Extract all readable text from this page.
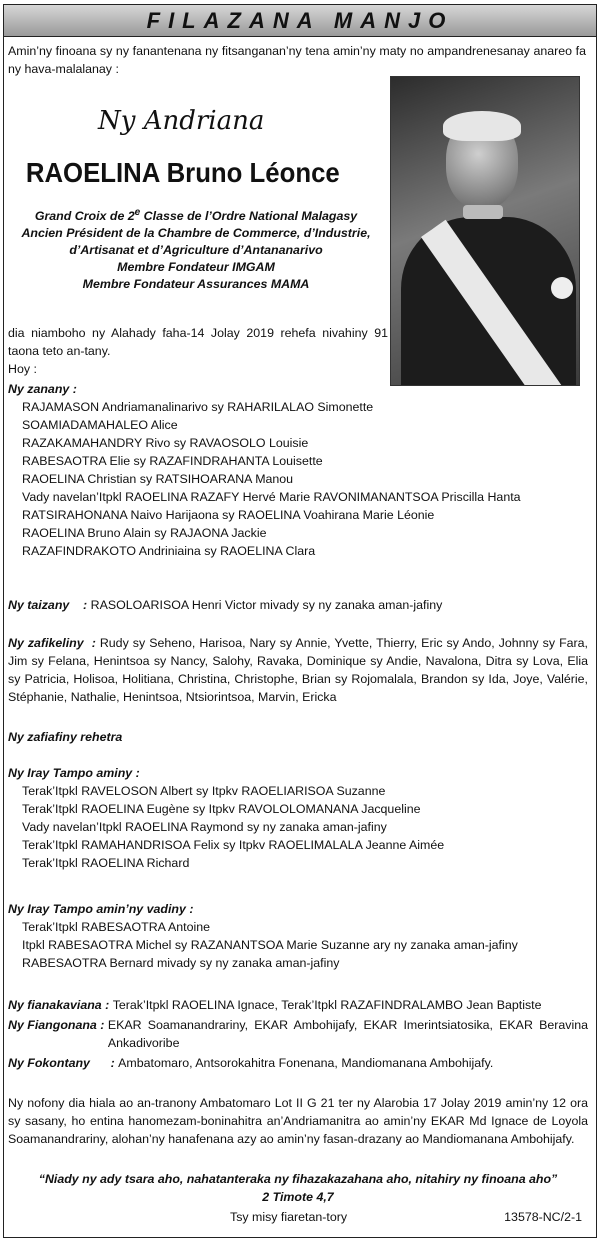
FILAZANA MANJO
Amin’ny finoana sy ny fanantenana ny fitsanganan’ny tena amin’ny maty no ampandrenesanay anareo fa ny hava-malalanay :
Ny Andriana
RAOELINA Bruno Léonce
Grand Croix de 2e Classe de l’Ordre National Malagasy
Ancien Président de la Chambre de Commerce, d’Industrie,
d’Artisanat et d’Agriculture d’Antananarivo
Membre Fondateur IMGAM
Membre Fondateur Assurances MAMA
dia niamboho ny Alahady faha-14 Jolay 2019 rehefa nivahiny 91 taona teto an-tany.
Hoy :
Ny zanany :
RAJAMASON Andriamanalinarivo sy RAHARILALAO Simonette
SOAMIADAMAHALEO Alice
RAZAKAMAHANDRY Rivo sy RAVAOSOLO Louisie
RABESAOTRA Elie sy RAZAFINDRAHANTA Louisette
RAOELINA Christian sy RATSIHOARANA Manou
Vady navelan’Itpkl RAOELINA RAZAFY Hervé Marie RAVONIMANANTSOA Priscilla Hanta
RATSIRAHONANA Naivo Harijaona sy RAOELINA Voahirana Marie Léonie
RAOELINA Bruno Alain sy RAJAONA Jackie
RAZAFINDRAKOTO Andriniaina sy RAOELINA Clara
Ny taizany    : RASOLOARISOA Henri Victor mivady sy ny zanaka aman-jafiny
Ny zafikeliny  : Rudy sy Seheno, Harisoa, Nary sy Annie, Yvette, Thierry, Eric sy Ando, Johnny sy Fara, Jim sy Felana, Henintsoa sy Nancy, Salohy, Ravaka, Dominique sy Andie, Navalona, Ditra sy Lova, Elia sy Patricia, Holisoa, Holitiana, Christina, Christophe, Brian sy Rojomalala, Brandon sy Ida, Joye, Valérie, Stéphanie, Nathalie, Henintsoa, Ntsiorintsoa, Marvin, Ericka
Ny zafiafiny rehetra
Ny Iray Tampo aminy :
Terak’Itpkl RAVELOSON Albert sy Itpkv RAOELIARISOA Suzanne
Terak’Itpkl RAOELINA Eugène sy Itpkv RAVOLOLOMANANA Jacqueline
Vady navelan’Itpkl RAOELINA Raymond sy ny zanaka aman-jafiny
Terak’Itpkl RAMAHANDRISOA Felix sy Itpkv RAOELIMALALA Jeanne Aimée
Terak’Itpkl RAOELINA Richard
Ny Iray Tampo amin’ny vadiny :
Terak’Itpkl RABESAOTRA Antoine
Itpkl RABESAOTRA Michel sy RAZANANTSOA Marie Suzanne ary ny zanaka aman-jafiny
RABESAOTRA Bernard mivady sy ny zanaka aman-jafiny
Ny fianakaviana : Terak’Itpkl RAOELINA Ignace, Terak’Itpkl RAZAFINDRALAMBO Jean Baptiste
Ny Fiangonana : EKAR Soamanandrariny, EKAR Ambohijafy, EKAR Imerintsiatosika, EKAR Beravina Ankadivoribe
Ny Fokontany      : Ambatomaro, Antsorokahitra Fonenana, Mandiomanana Ambohijafy.
Ny nofony dia hiala ao an-tranony Ambatomaro Lot II G 21 ter ny Alarobia 17 Jolay 2019 amin’ny 12 ora sy sasany, ho entina hanomezam-boninahitra an’Andriamanitra ao amin’ny EKAR Md Ignace de Loyola Soamanandrariny, alohan’ny hanafenana azy ao amin’ny fasan-drazany ao Mandiomanana Ambohijafy.
“Niady ny ady tsara aho, nahatanteraka ny fihazakazahana aho, nitahiry ny finoana aho”
2 Timote 4,7
Tsy misy fiaretan-tory	13578-NC/2-1
